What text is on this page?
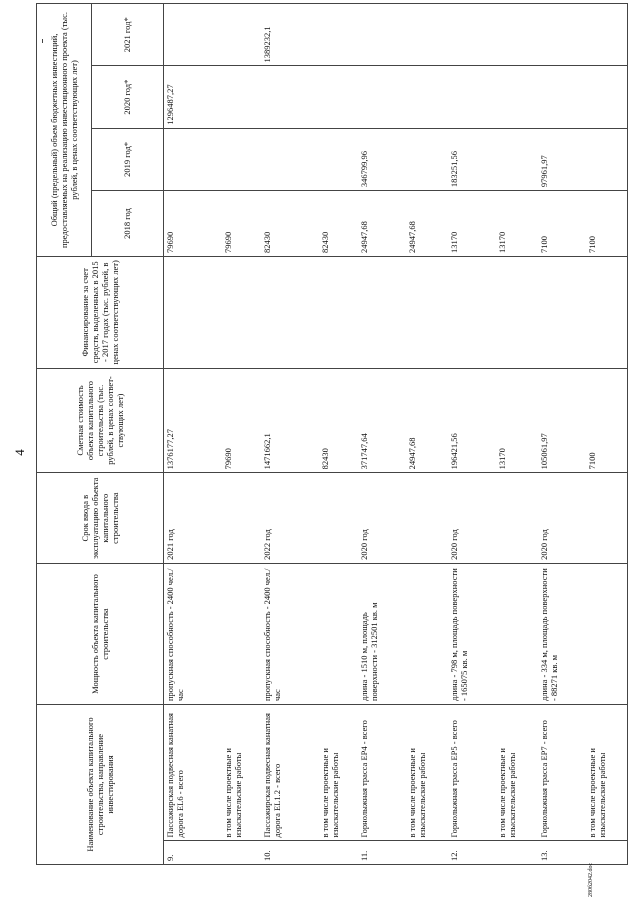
4
Наименование объекта капитального строительства, направление инвестирования		Мощность объекта капитального строительства	Срок ввода в эксплуатацию объекта капитального строительства	Сметная стоимость объекта капитального строительства (тыс. рублей, в ценах соответ-ствующих лет)	Финансирование за счет средств, выделенных в 2015 - 2017 годах (тыс. рублей, в ценах соответствующих лет)	Общий (предельный) объем бюджетных инвестиций, предоставляемых на реализацию инвестиционного проекта (тыс. рублей, в ценах соответствующих лет)			
						2018 год	2019 год*	2020 год*	2021 год*
9.	Пассажирская подвесная канатная дорога EL6 - всего	пропускная способность - 2400 чел./час	2021 год	1376177,27		79690		1296487,27	
	в том числе проектные и изыскательские работы			79690		79690			
10.	Пассажирская подвесная канатная дорога EL1.2 - всего	пропускная способность - 2400 чел./час	2022 год	1471662,1		82430			1389232,1
	в том числе проектные и изыскательские работы			82430		82430			
11.	Горнолыжная трасса EP4 - всего	длина - 1510 м, площадь поверхности - 312501 кв. м	2020 год	371747,64		24947,68	346799,96		
	в том числе проектные и изыскательские работы			24947,68		24947,68			
12.	Горнолыжная трасса EP5 - всего	длина - 798 м, площадь поверхности - 165075 кв. м	2020 год	196421,56		13170	183251,56		
	в том числе проектные и изыскательские работы			13170		13170			
13.	Горнолыжная трасса EP7 - всего	длина - 334 м, площадь поверхности - 88271 кв. м	2020 год	105061,97		7100	97961,97		
	в том числе проектные и изыскательские работы			7100		7100			
280б2042.doc
